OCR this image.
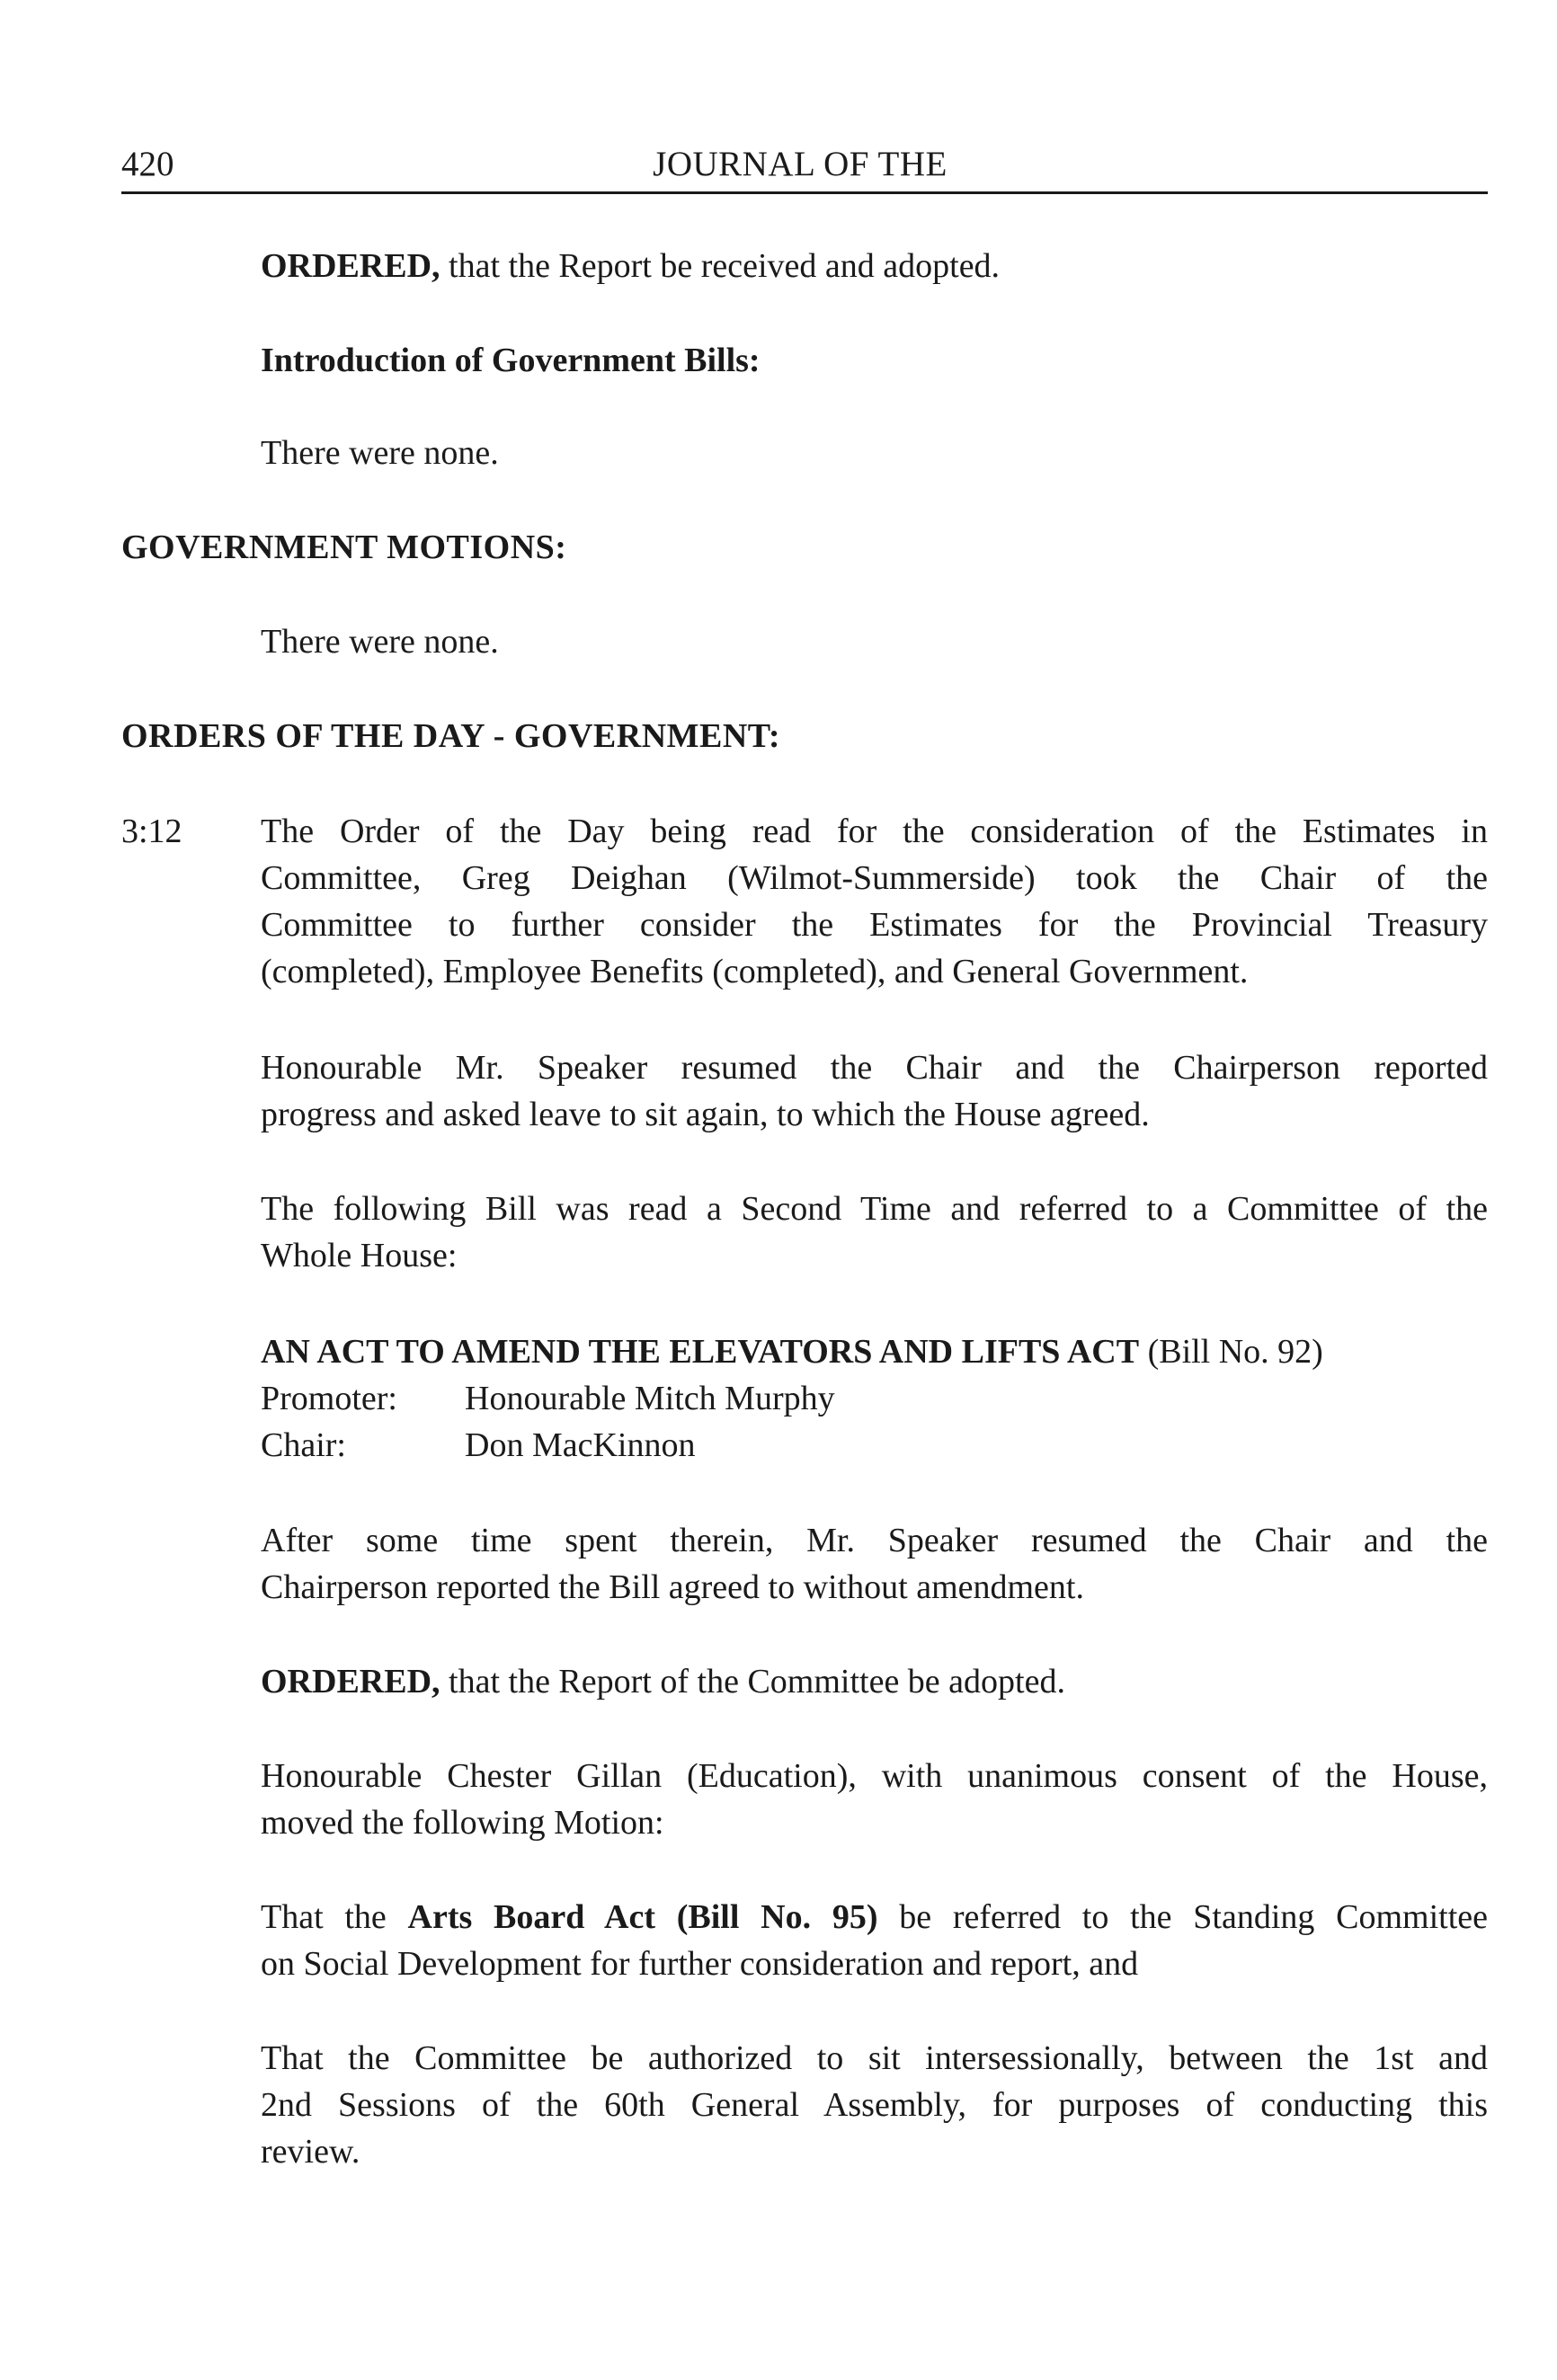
420	JOURNAL OF THE
ORDERED, that the Report be received and adopted.
Introduction of Government Bills:
There were none.
GOVERNMENT MOTIONS:
There were none.
ORDERS OF THE DAY - GOVERNMENT:
3:12 The Order of the Day being read for the consideration of the Estimates in
Committee, Greg Deighan (Wilmot-Summerside) took the Chair of the
Committee to further consider the Estimates for the Provincial Treasury
(completed), Employee Benefits (completed), and General Government.
Honourable Mr. Speaker resumed the Chair and the Chairperson reported
progress and asked leave to sit again, to which the House agreed.
The following Bill was read a Second Time and referred to a Committee of the
Whole House:
AN ACT TO AMEND THE ELEVATORS AND LIFTS ACT (Bill No. 92)
Promoter: Honourable Mitch Murphy
Chair:	Don MacKinnon
After some time spent therein, Mr. Speaker resumed the Chair and the
Chairperson reported the Bill agreed to without amendment.
ORDERED, that the Report of the Committee be adopted.
Honourable Chester Gillan (Education), with unanimous consent of the House,
moved the following Motion:
That the Arts Board Act (Bill No. 95) be referred to the Standing Committee
on Social Development for further consideration and report, and
That the Committee be authorized to sit intersessionally, between the 1st and
2nd Sessions of the 60th General Assembly, for purposes of conducting this
review.
